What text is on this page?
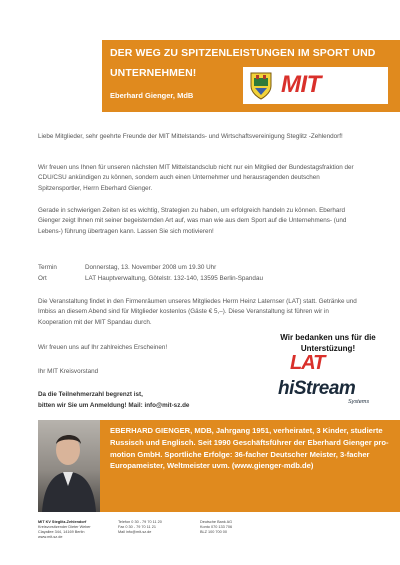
DER WEG ZU SPITZENLEISTUNGEN IM SPORT UND UNTERNEHMEN!
Eberhard Gienger, MdB	MIT
Liebe Mitglieder, sehr geehrte Freunde der MIT Mittelstands- und Wirtschaftsvereinigung Steglitz -Zehlendorf!
Wir freuen uns Ihnen für unseren nächsten MIT Mittelstandsclub nicht nur ein Mitglied der Bundestagsfraktion der CDU/CSU ankündigen zu können, sondern auch einen Unternehmer und herausragenden deutschen Spitzensportler, Herrn Eberhard Gienger.
Gerade in schwierigen Zeiten ist es wichtig, Strategien zu haben, um erfolgreich handeln zu können. Eberhard Gienger zeigt Ihnen mit seiner begeisternden Art auf, was man wie aus dem Sport auf die Unternehmens- (und Lebens-) führung übertragen kann. Lassen Sie sich motivieren!
Termin	Donnerstag, 13. November 2008 um 19.30 Uhr
Ort	LAT Hauptverwaltung, Götelstr. 132-140, 13595 Berlin-Spandau
Die Veranstaltung findet in den Firmenräumen unseres Mitgliedes Herrn Heinz Laternser (LAT) statt. Getränke und Imbiss an diesem Abend sind für Mitglieder kostenlos (Gäste € 5,–). Diese Veranstaltung ist führen wir in Kooperation mit der MIT Spandau durch.
Wir freuen uns auf Ihr zahlreiches Erscheinen!
Ihr MIT Kreisvorstand
Da die Teilnehmerzahl begrenzt ist,
bitten wir Sie um Anmeldung! Mail: info@mit-sz.de
Wir bedanken uns für die Unterstüzung!
LAT
hiStream
Systems
EBERHARD GIENGER, MDB, Jahrgang 1951, verheiratet, 3 Kinder, studierte Russisch und Englisch. Seit 1990 Geschäftsführer der Eberhard Gienger pro-motion GmbH. Sportliche Erfolge: 36-facher Deutscher Meister, 3-facher Europameister, Weltmeister uvm. (www.gienger-mdb.de)
MIT KV Steglitz-Zehlendorf
Kreisvorsitzender Dieter Weber
Clayallee 344, 14169 Berlin
www.mit-sz.de
Telefon 0 30 - 79 70 11 20
Fax 0 30 - 79 70 11 21
Mail info@mit-sz.de
Deutsche Bank AG
Konto 070 133 706
BLZ 100 700 00
